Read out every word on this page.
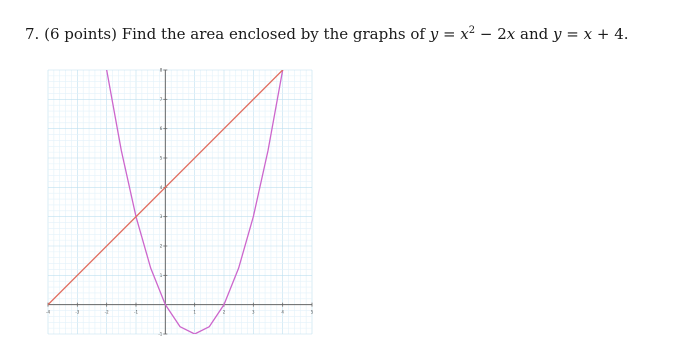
7. (6 points) Find the area enclosed by the graphs of $y = x^2 - 2x$ and y = x + 4.
-4	-3	-2	-1	1	2	3	4	5
-1
1
2
3
4
5
6
7
8
